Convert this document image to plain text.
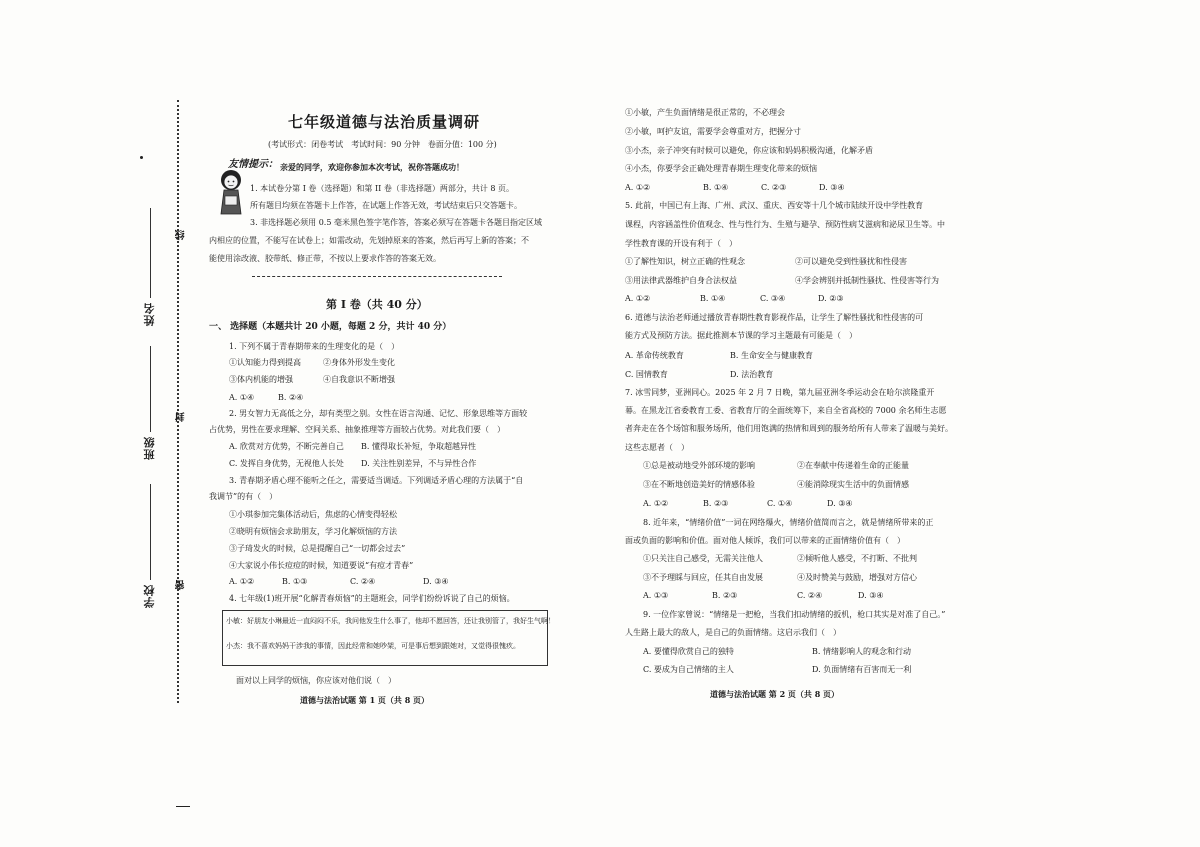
姓名
班级
学校
线
封
密
七年级道德与法治质量调研
(考试形式：闭卷考试　考试时间：90 分钟　卷面分值：100 分)
友情提示： 亲爱的同学，欢迎你参加本次考试，祝你答题成功！
1. 本试卷分第 I 卷（选择题）和第 II 卷（非选择题）两部分，共计 8 页。
所有题目均须在答题卡上作答，在试题上作答无效，考试结束后只交答题卡。
3. 非选择题必须用 0.5 毫米黑色签字笔作答，答案必须写在答题卡各题目指定区域
内相应的位置，不能写在试卷上；如需改动，先划掉原来的答案，然后再写上新的答案；不
能使用涂改液、胶带纸、修正带，不按以上要求作答的答案无效。
第 I 卷（共 40 分）
一、 选择题（本题共计 20 小题，每题 2 分，共计 40 分）
1. 下列不属于青春期带来的生理变化的是（　）
①认知能力得到提高	②身体外形发生变化
③体内机能的增强	④自我意识不断增强
A. ①④	B. ②④
2. 男女智力无高低之分，却有类型之别。女性在语言沟通、记忆、形象思维等方面较
占优势，男性在要求理解、空间关系、抽象推理等方面较占优势。对此我们要（　）
A. 欣赏对方优势，不断完善自己 B. 懂得取长补短，争取超越异性
C. 发挥自身优势，无视他人长处 D. 关注性别差异，不与异性合作
3. 青春期矛盾心理不能听之任之，需要适当调适。下列调适矛盾心理的方法属于“自
我调节”的有（　）
①小琪参加完集体活动后，焦虑的心情变得轻松
②晓明有烦恼会求助朋友，学习化解烦恼的方法
③子琦发火的时候，总是提醒自己“一切都会过去”
④大家说小伟长痘痘的时候，知道要说“有痘才青春”
A. ①②	B. ①③	C. ②④	D. ③④
4. 七年级(1)班开展“化解青春烦恼”的主题班会，同学们纷纷诉说了自己的烦恼。
小敏：好朋友小琳最近一直闷闷不乐，我问他发生什么事了，他却不愿回答，还让我别管了，我好生气啊！
小杰：我不喜欢妈妈干涉我的事情，因此经常和她吵架，可是事后想到跟她对，又觉得很愧疚。
面对以上同学的烦恼，你应该对他们说（　）
道德与法治试题 第 1 页（共 8 页）
①小敏，产生负面情绪是很正常的，不必理会
②小敏，呵护友谊，需要学会尊重对方，把握分寸
③小杰，亲子冲突有时候可以避免，你应该和妈妈积极沟通，化解矛盾
④小杰，你要学会正确处理青春期生理变化带来的烦恼
A. ①②	B. ①④	C. ②③	D. ③④
5. 此前，中国已有上海、广州、武汉、重庆、西安等十几个城市陆续开设中学性教育
课程，内容涵盖性价值观念、性与性行为、生殖与避孕、预防性病艾滋病和泌尿卫生等。中
学性教育课的开设有利于（　）
①了解性知识，树立正确的性观念	②可以避免受到性骚扰和性侵害
③用法律武器维护自身合法权益	④学会辨别并抵制性骚扰、性侵害等行为
A. ①②	B. ①④	C. ③④	D. ②③
6. 道德与法治老师通过播放青春期性教育影视作品，让学生了解性骚扰和性侵害的可
能方式及预防方法。据此推测本节课的学习主题最有可能是（　）
A. 革命传统教育	B. 生命安全与健康教育
C. 国情教育	D. 法治教育
7. 冰雪同梦，亚洲同心。2025 年 2 月 7 日晚，第九届亚洲冬季运动会在哈尔滨隆重开
幕。在黑龙江省委教育工委、省教育厅的全面统筹下，来自全省高校的 7000 余名师生志愿
者奔走在各个场馆和服务场所，他们用饱满的热情和周到的服务给所有人带来了温暖与美好。
这些志愿者（　）
①总是被动地受外部环境的影响	②在奉献中传递着生命的正能量
③在不断地创造美好的情感体验	④能消除现实生活中的负面情感
A. ①②	B. ②③	C. ①④	D. ③④
8. 近年来，“情绪价值”一词在网络爆火，情绪价值简而言之，就是情绪所带来的正
面或负面的影响和价值。面对他人倾诉，我们可以带来的正面情绪价值有（　）
①只关注自己感受，无需关注他人	②倾听他人感受，不打断、不批判
③不予理睬与回应，任其自由发展	④及时赞美与鼓励，增强对方信心
A. ①③	B. ②③	C. ②④	D. ③④
9. 一位作家曾说：“情绪是一把枪，当我们扣动情绪的扳机，枪口其实是对准了自己。”
人生路上最大的敌人，是自己的负面情绪。这启示我们（　）
A. 要懂得欣赏自己的独特	B. 情绪影响人的观念和行动
C. 要成为自己情绪的主人	D. 负面情绪有百害而无一利
道德与法治试题 第 2 页（共 8 页）
